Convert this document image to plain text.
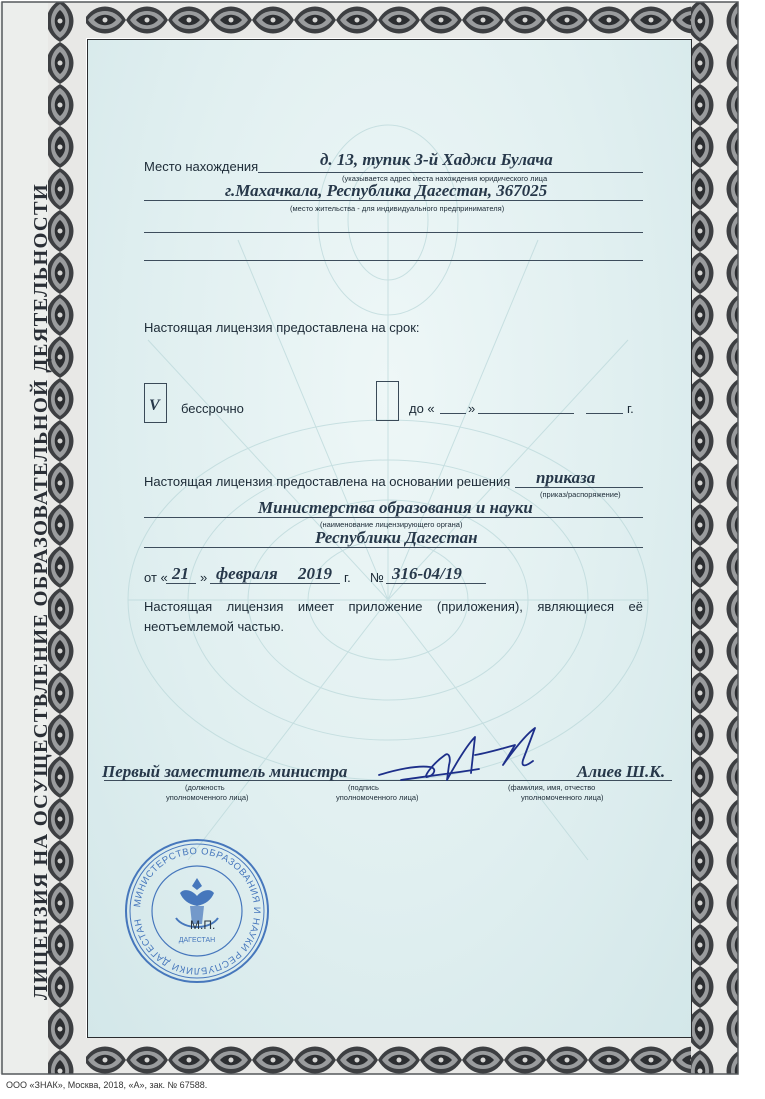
ЛИЦЕНЗИЯ НА ОСУЩЕСТВЛЕНИЕ ОБРАЗОВАТЕЛЬНОЙ ДЕЯТЕЛЬНОСТИ
Место нахождения	д. 13, тупик 3-й Хаджи Булача
(указывается адрес места нахождения юридического лица
г.Махачкала, Республика Дагестан, 367025
(место жительства - для индивидуального предпринимателя)
Настоящая лицензия предоставлена на срок:
V бессрочно	до «	»	г.
Настоящая лицензия предоставлена на основании решения приказа
(приказ/распоряжение)
Министерства образования и науки
(наименование лицензирующего органа)
Республики Дагестан
от « 21 » февраля 2019 г. № 316-04/19
Настоящая лицензия имеет приложение (приложения), являющиеся её неотъемлемой частью.
Первый заместитель министра	Алиев Ш.К.
(должность
уполномоченного лица)
(подпись
уполномоченного лица)
(фамилия, имя, отчество
уполномоченного лица)
МИНИСТЕРСТВО ОБРАЗОВАНИЯ И НАУКИ РЕСПУБЛИКИ ДАГЕСТАН
ДАГЕСТАН
М.П.
ООО «ЗНАК», Москва, 2018, «А», зак. № 67588.
